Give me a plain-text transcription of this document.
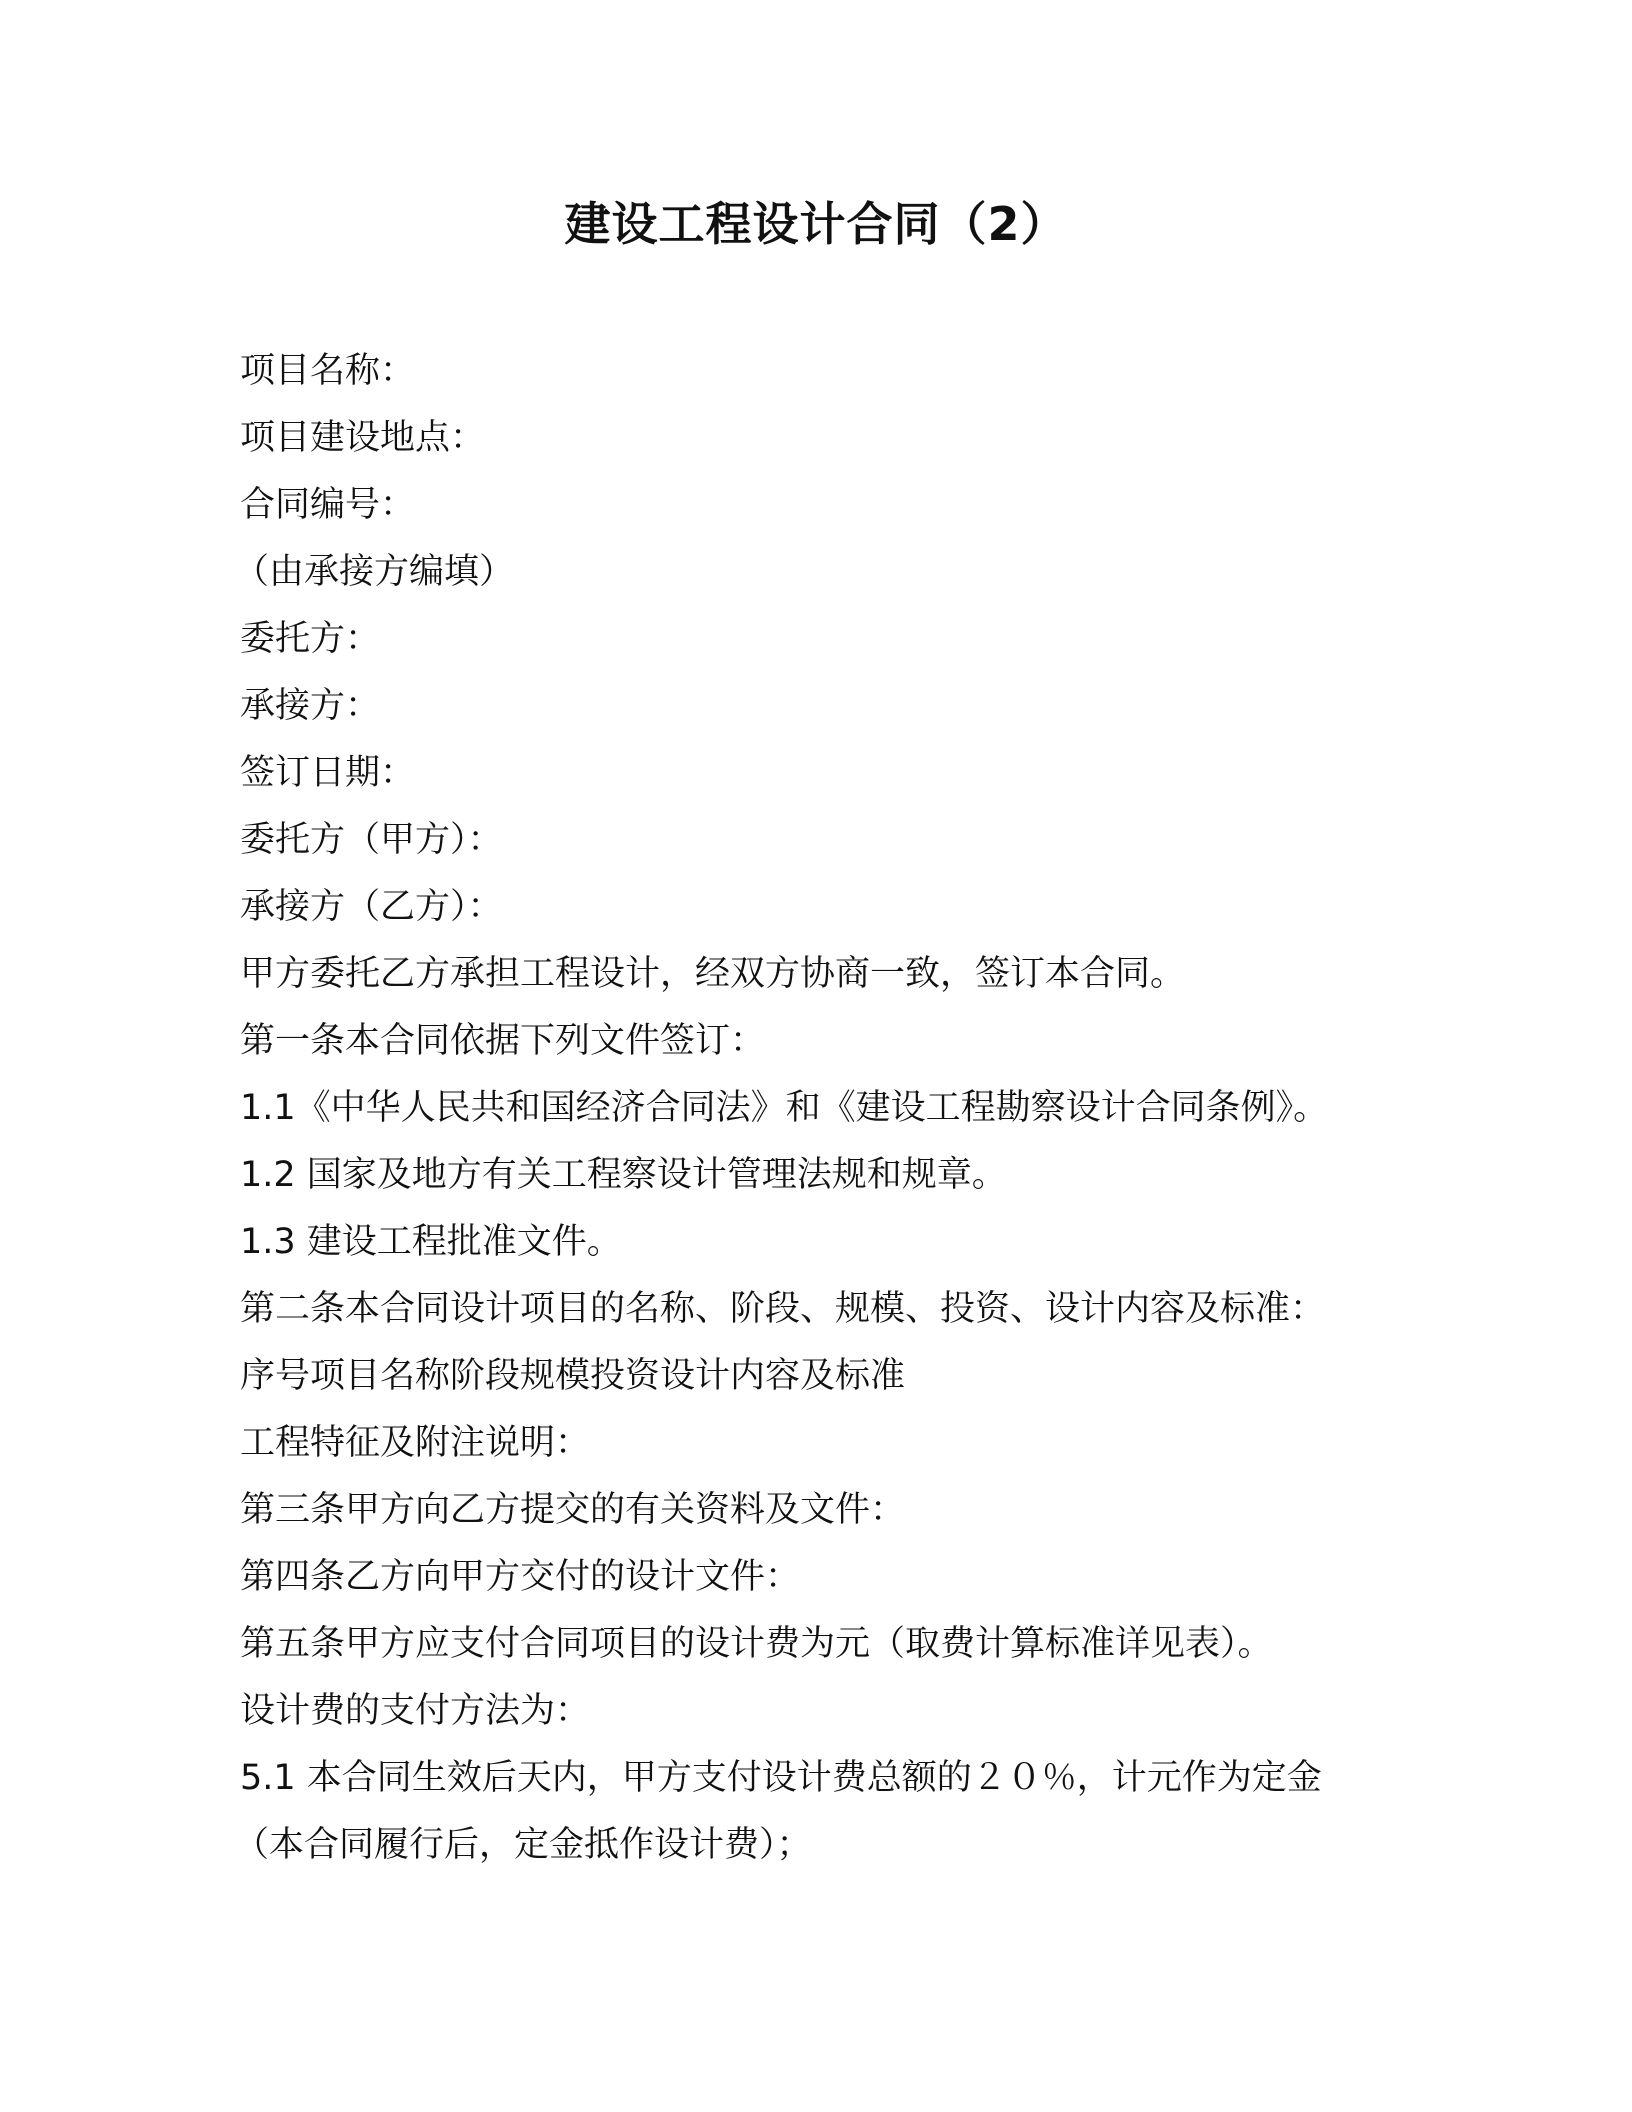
建设工程设计合同（2）
项目名称：
项目建设地点：
合同编号：
（由承接方编填）
委托方：
承接方：
签订日期：
委托方（甲方）：
承接方（乙方）：
甲方委托乙方承担工程设计，经双方协商一致，签订本合同。
第一条本合同依据下列文件签订：
1.1《中华人民共和国经济合同法》和《建设工程勘察设计合同条例》。
1.2 国家及地方有关工程察设计管理法规和规章。
1.3 建设工程批准文件。
第二条本合同设计项目的名称、阶段、规模、投资、设计内容及标准：
序号项目名称阶段规模投资设计内容及标准
工程特征及附注说明：
第三条甲方向乙方提交的有关资料及文件：
第四条乙方向甲方交付的设计文件：
第五条甲方应支付合同项目的设计费为元（取费计算标准详见表）。
设计费的支付方法为：
5.1 本合同生效后天内，甲方支付设计费总额的２０％，计元作为定金
（本合同履行后，定金抵作设计费）；
